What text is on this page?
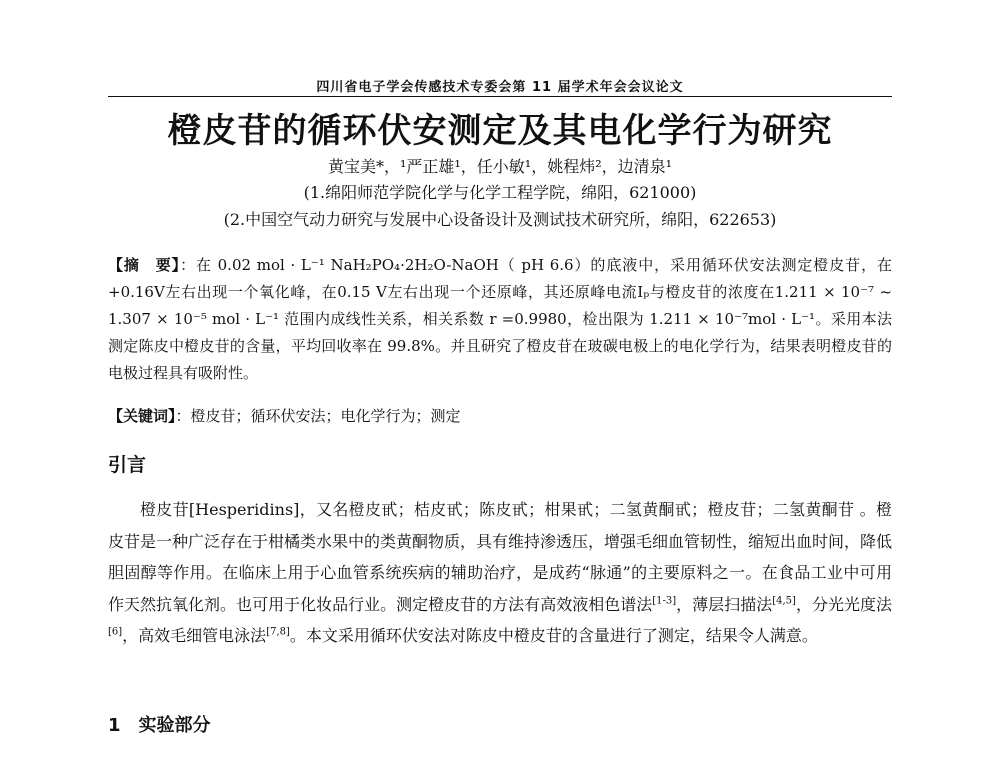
四川省电子学会传感技术专委会第 11 届学术年会会议论文
橙皮苷的循环伏安测定及其电化学行为研究
黄宝美*，¹严正雄¹，任小敏¹，姚程炜²，边清泉¹
(1.绵阳师范学院化学与化学工程学院，绵阳，621000)
(2.中国空气动力研究与发展中心设备设计及测试技术研究所，绵阳，622653)
【摘　要】：在 0.02 mol · L⁻¹ NaH₂PO₄·2H₂O-NaOH（ pH 6.6）的底液中，采用循环伏安法测定橙皮苷，在+0.16V左右出现一个氧化峰，在0.15 V左右出现一个还原峰，其还原峰电流Iₚ与橙皮苷的浓度在1.211 × 10⁻⁷ ~ 1.307 × 10⁻⁵ mol · L⁻¹ 范围内成线性关系，相关系数 r =0.9980，检出限为 1.211 × 10⁻⁷mol · L⁻¹。采用本法测定陈皮中橙皮苷的含量，平均回收率在 99.8%。并且研究了橙皮苷在玻碳电极上的电化学行为，结果表明橙皮苷的电极过程具有吸附性。
【关键词】：橙皮苷；循环伏安法；电化学行为；测定
引言

橙皮苷[Hesperidins]，又名橙皮甙；桔皮甙；陈皮甙；柑果甙；二氢黄酮甙；橙皮苷；二氢黄酮苷 。橙皮苷是一种广泛存在于柑橘类水果中的类黄酮物质，具有维持渗透压，增强毛细血管韧性，缩短出血时间，降低胆固醇等作用。在临床上用于心血管系统疾病的辅助治疗，是成药“脉通”的主要原料之一。在食品工业中可用作天然抗氧化剂。也可用于化妆品行业。测定橙皮苷的方法有高效液相色谱法[1-3]，薄层扫描法[4,5]，分光光度法[6]，高效毛细管电泳法[7,8]。本文采用循环伏安法对陈皮中橙皮苷的含量进行了测定，结果令人满意。

1 实验部分
